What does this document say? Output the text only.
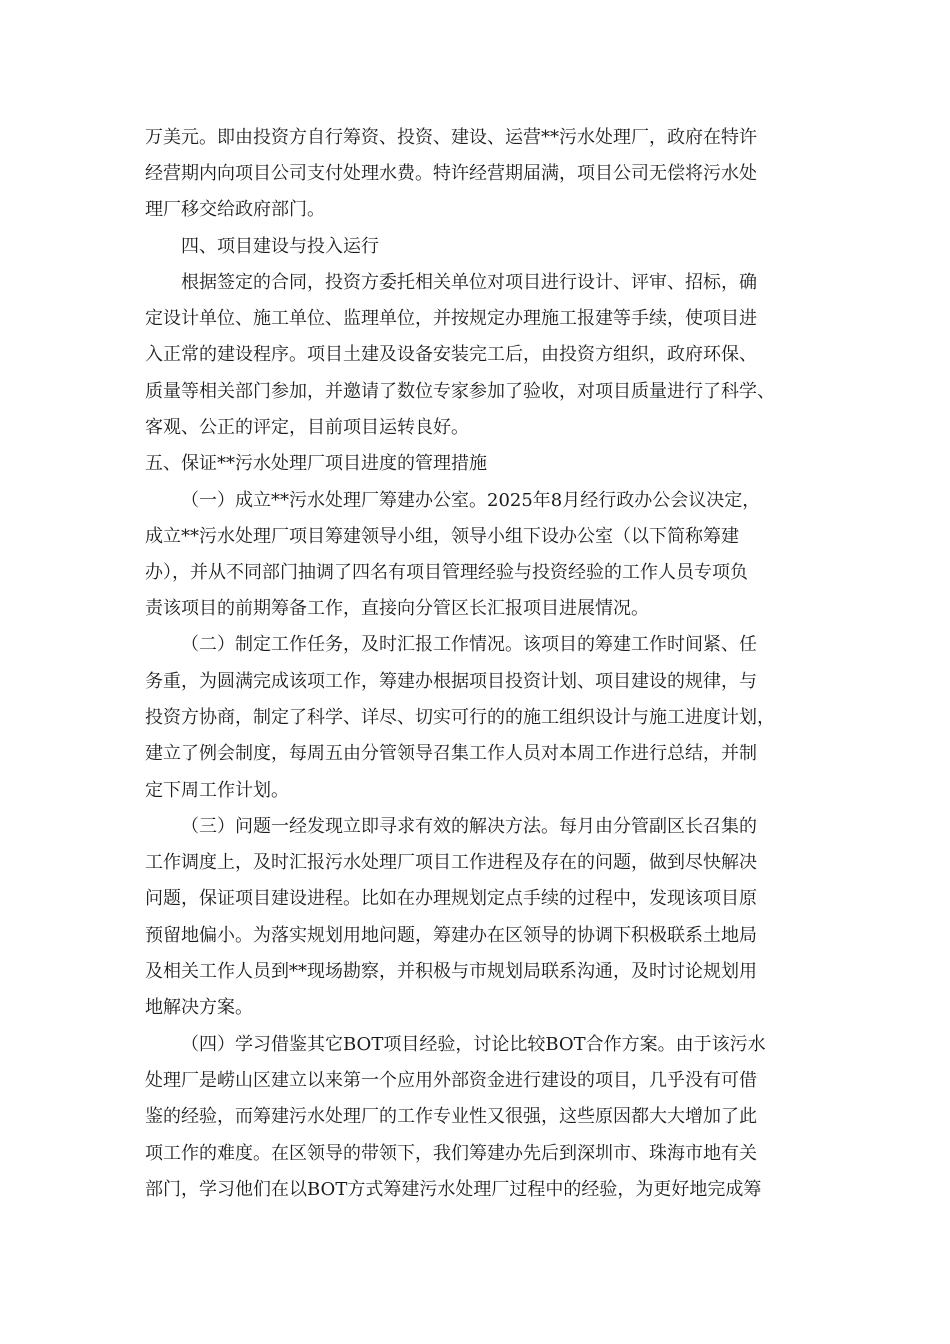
万美元。即由投资方自行筹资、投资、建设、运营**污水处理厂，政府在特许
经营期内向项目公司支付处理水费。特许经营期届满，项目公司无偿将污水处
理厂移交给政府部门。
四、项目建设与投入运行
根据签定的合同，投资方委托相关单位对项目进行设计、评审、招标，确
定设计单位、施工单位、监理单位，并按规定办理施工报建等手续，使项目进
入正常的建设程序。项目土建及设备安装完工后，由投资方组织，政府环保、
质量等相关部门参加，并邀请了数位专家参加了验收，对项目质量进行了科学、
客观、公正的评定，目前项目运转良好。
五、保证**污水处理厂项目进度的管理措施
（一）成立**污水处理厂筹建办公室。2025年8月经行政办公会议决定，
成立**污水处理厂项目筹建领导小组，领导小组下设办公室（以下简称筹建
办），并从不同部门抽调了四名有项目管理经验与投资经验的工作人员专项负
责该项目的前期筹备工作，直接向分管区长汇报项目进展情况。
（二）制定工作任务，及时汇报工作情况。该项目的筹建工作时间紧、任
务重，为圆满完成该项工作，筹建办根据项目投资计划、项目建设的规律，与
投资方协商，制定了科学、详尽、切实可行的的施工组织设计与施工进度计划，
建立了例会制度，每周五由分管领导召集工作人员对本周工作进行总结，并制
定下周工作计划。
（三）问题一经发现立即寻求有效的解决方法。每月由分管副区长召集的
工作调度上，及时汇报污水处理厂项目工作进程及存在的问题，做到尽快解决
问题，保证项目建设进程。比如在办理规划定点手续的过程中，发现该项目原
预留地偏小。为落实规划用地问题，筹建办在区领导的协调下积极联系土地局
及相关工作人员到**现场勘察，并积极与市规划局联系沟通，及时讨论规划用
地解决方案。
（四）学习借鉴其它BOT项目经验，讨论比较BOT合作方案。由于该污水
处理厂是崂山区建立以来第一个应用外部资金进行建设的项目，几乎没有可借
鉴的经验，而筹建污水处理厂的工作专业性又很强，这些原因都大大增加了此
项工作的难度。在区领导的带领下，我们筹建办先后到深圳市、珠海市地有关
部门，学习他们在以BOT方式筹建污水处理厂过程中的经验，为更好地完成筹
